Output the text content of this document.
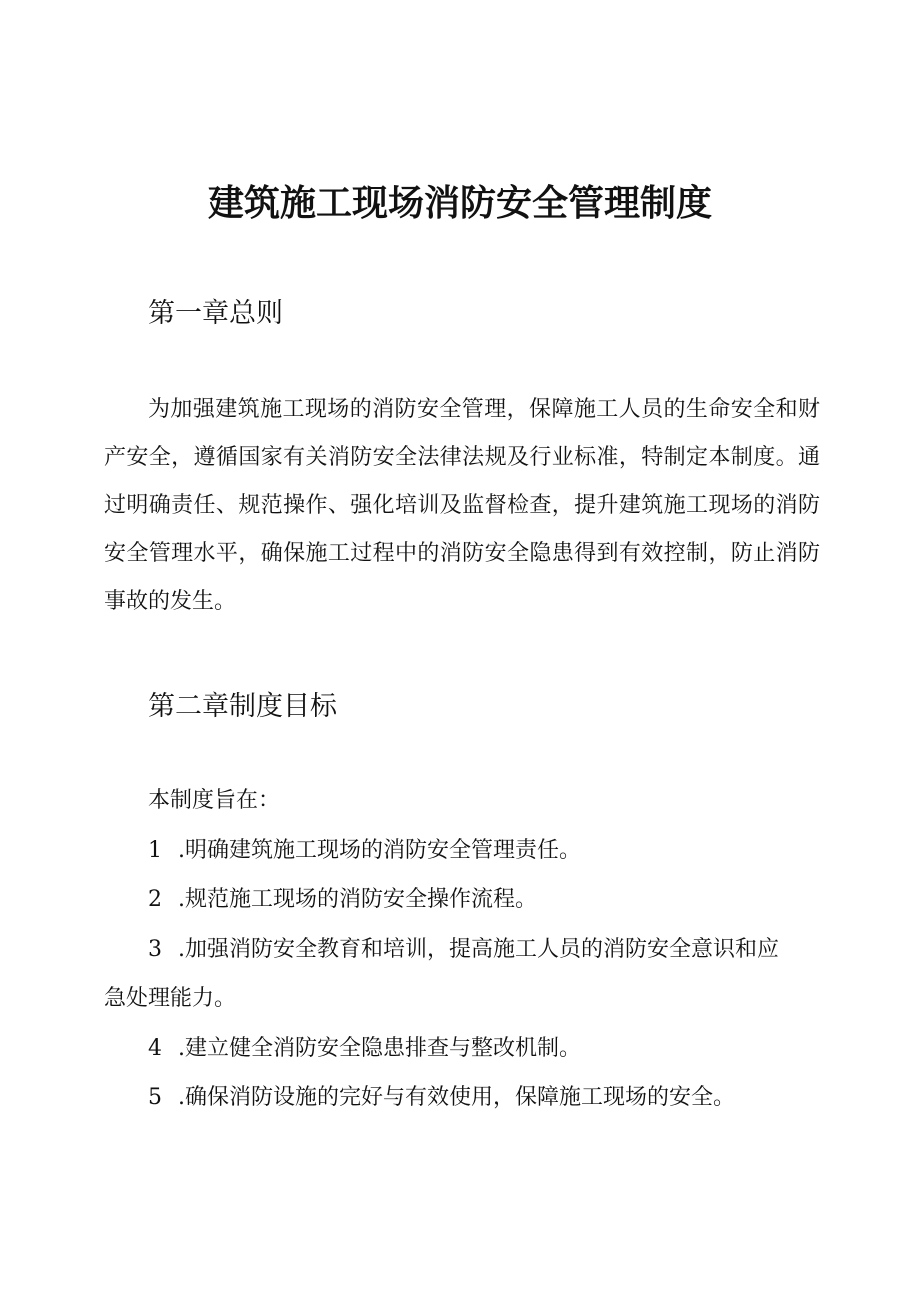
建筑施工现场消防安全管理制度
第一章总则

为加强建筑施工现场的消防安全管理，保障施工人员的生命安全和财产安全，遵循国家有关消防安全法律法规及行业标准，特制定本制度。通过明确责任、规范操作、强化培训及监督检查，提升建筑施工现场的消防安全管理水平，确保施工过程中的消防安全隐患得到有效控制，防止消防事故的发生。

第二章制度目标

本制度旨在：

1 .明确建筑施工现场的消防安全管理责任。

2 .规范施工现场的消防安全操作流程。

3 .加强消防安全教育和培训，提高施工人员的消防安全意识和应

急处理能力。

4 .建立健全消防安全隐患排查与整改机制。

5 .确保消防设施的完好与有效使用，保障施工现场的安全。
